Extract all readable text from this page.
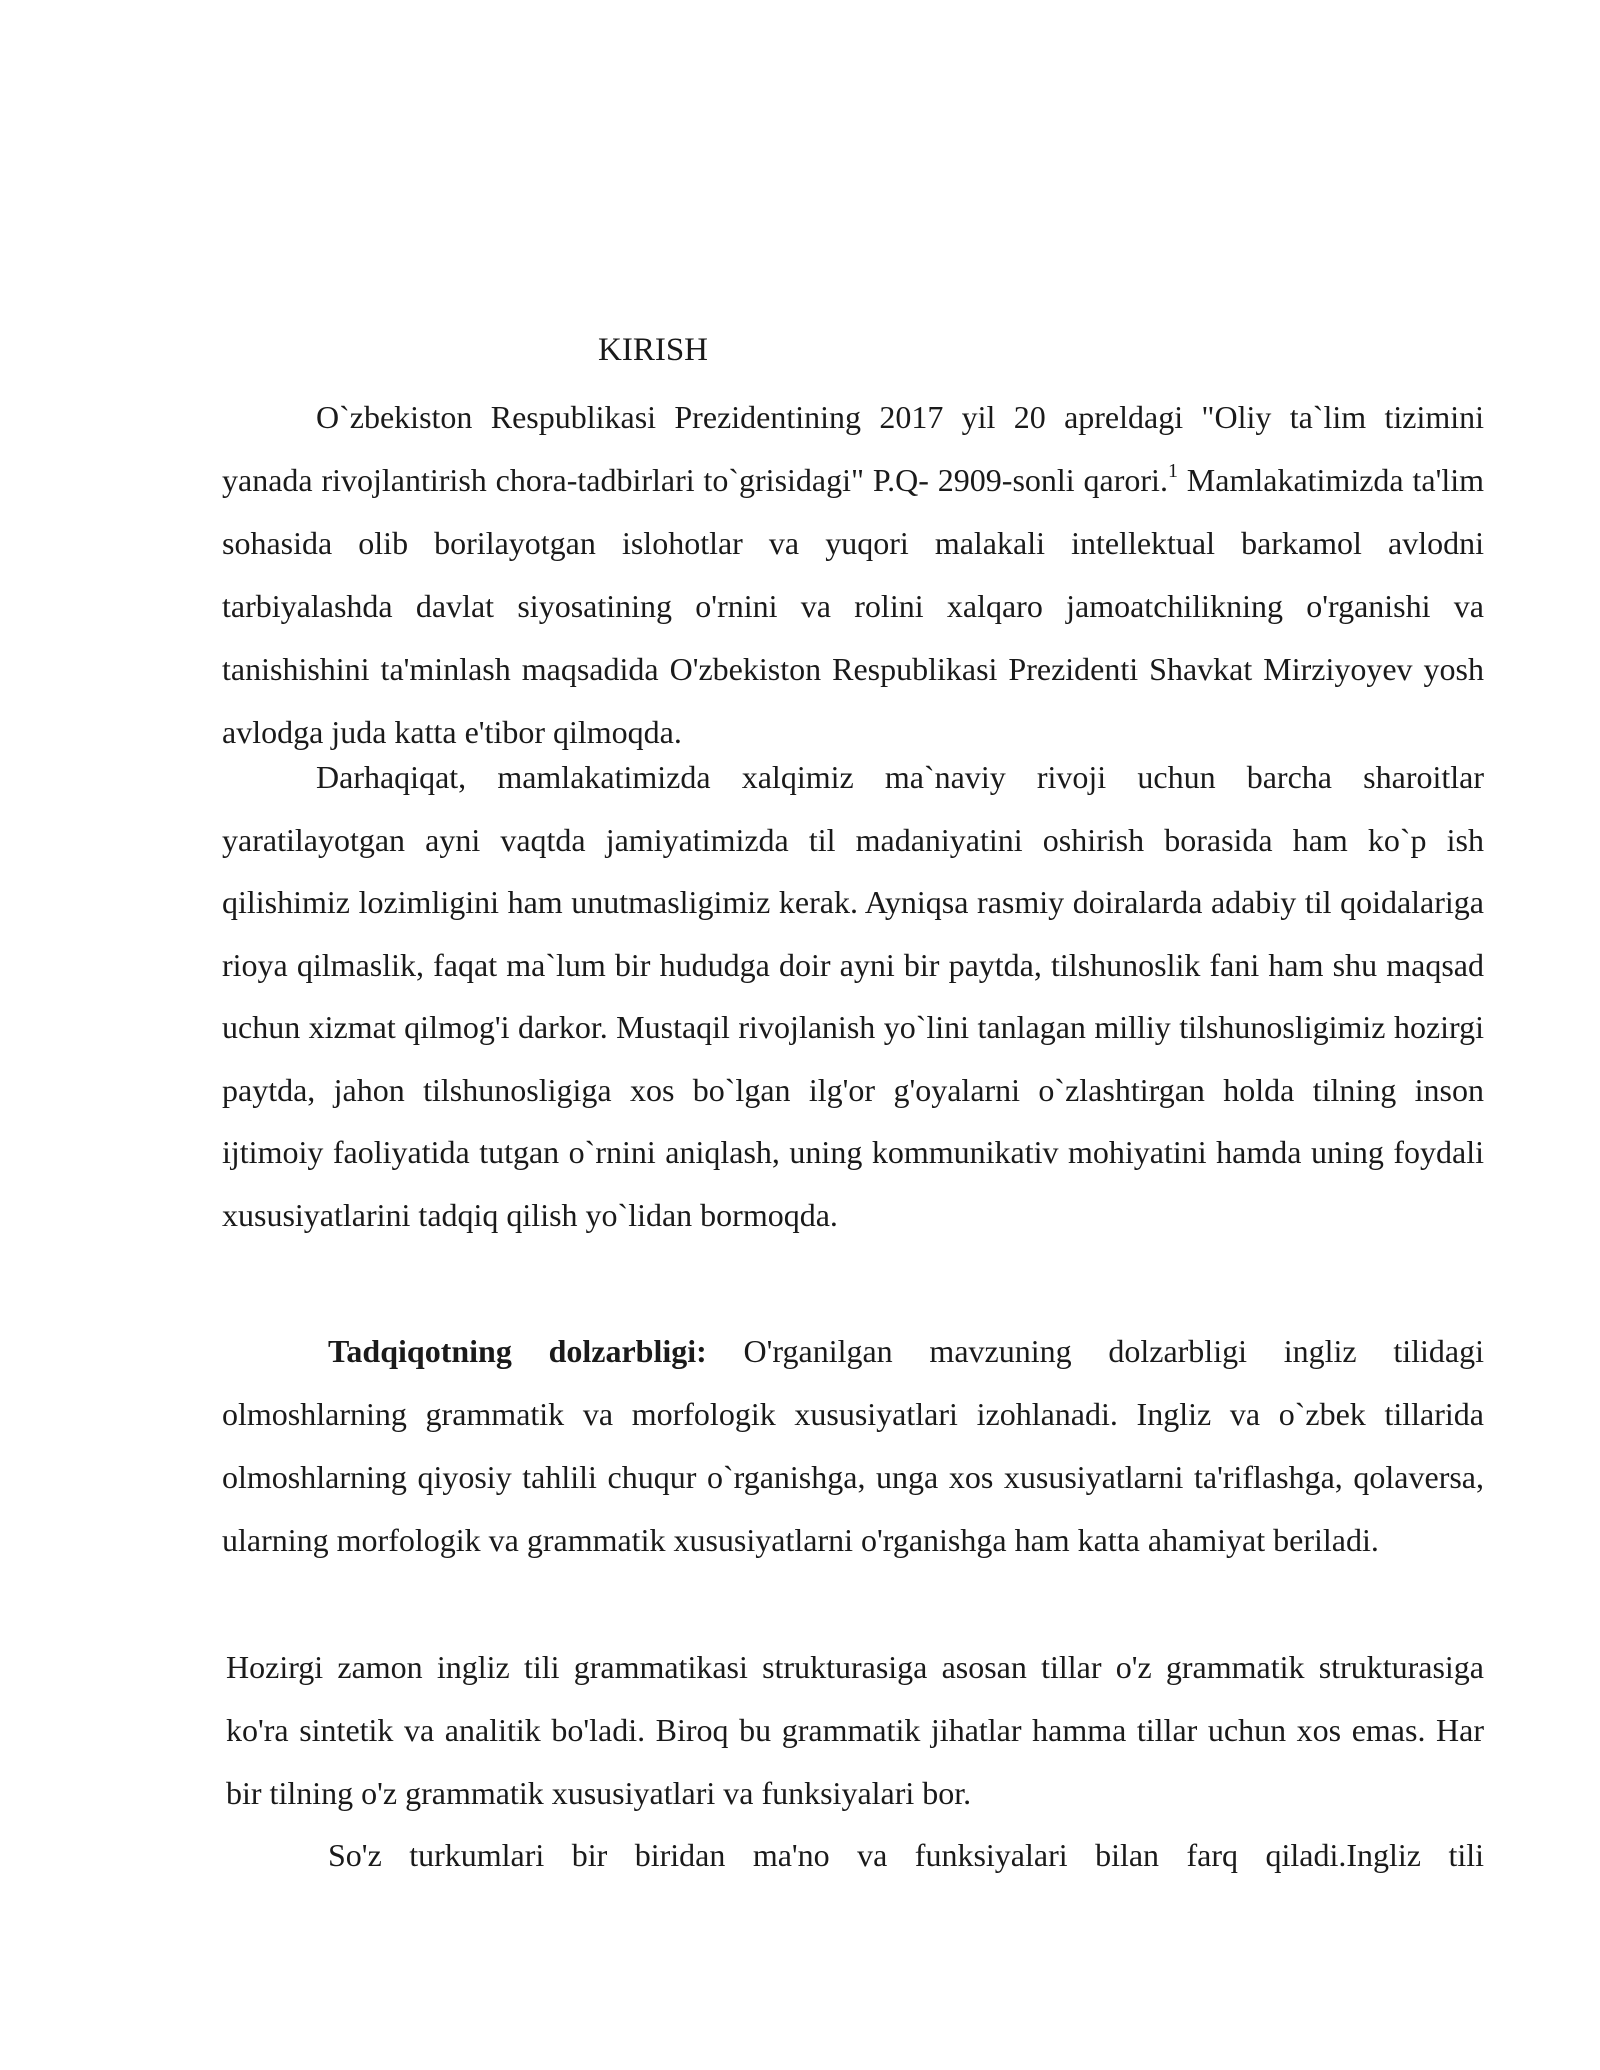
KIRISH

O`zbekiston Respublikasi Prezidentining 2017 yil 20 apreldagi "Oliy ta`lim tizimini yanada rivojlantirish chora-tadbirlari to`grisidagi" P.Q- 2909-sonli qarori.$^1$ Mamlakatimizda ta'lim sohasida olib borilayotgan islohotlar va yuqori malakali intellektual barkamol avlodni tarbiyalashda davlat siyosatining o'rnini va rolini xalqaro jamoatchilikning o'rganishi va tanishishini ta'minlash maqsadida O'zbekiston Respublikasi Prezidenti Shavkat Mirziyoyev yosh avlodga juda katta e'tibor qilmoqda.

Darhaqiqat, mamlakatimizda xalqimiz ma`naviy rivoji uchun barcha sharoitlar yaratilayotgan ayni vaqtda jamiyatimizda til madaniyatini oshirish borasida ham ko`p ish qilishimiz lozimligini ham unutmasligimiz kerak. Ayniqsa rasmiy doiralarda adabiy til qoidalariga rioya qilmaslik, faqat ma`lum bir hududga doir ayni bir paytda, tilshunoslik fani ham shu maqsad uchun xizmat qilmog'i darkor. Mustaqil rivojlanish yo`lini tanlagan milliy tilshunosligimiz hozirgi paytda, jahon tilshunosligiga xos bo`lgan ilg'or g'oyalarni o`zlashtirgan holda tilning inson ijtimoiy faoliyatida tutgan o`rnini aniqlash, uning kommunikativ mohiyatini hamda uning foydali xususiyatlarini tadqiq qilish yo`lidan bormoqda.

Tadqiqotning dolzarbligi: O'rganilgan mavzuning dolzarbligi ingliz tilidagi olmoshlarning grammatik va morfologik xususiyatlari izohlanadi. Ingliz va o`zbek tillarida olmoshlarning qiyosiy tahlili chuqur o`rganishga, unga xos xususiyatlarni ta'riflashga, qolaversa, ularning morfologik va grammatik xususiyatlarni o'rganishga ham katta ahamiyat beriladi.

Hozirgi zamon ingliz tili grammatikasi strukturasiga asosan tillar o'z grammatik strukturasiga ko'ra sintetik va analitik bo'ladi. Biroq bu grammatik jihatlar hamma tillar uchun xos emas. Har bir tilning o'z grammatik xususiyatlari va funksiyalari bor.

So'z turkumlari bir biridan ma'no va funksiyalari bilan farq qiladi.Ingliz tili
